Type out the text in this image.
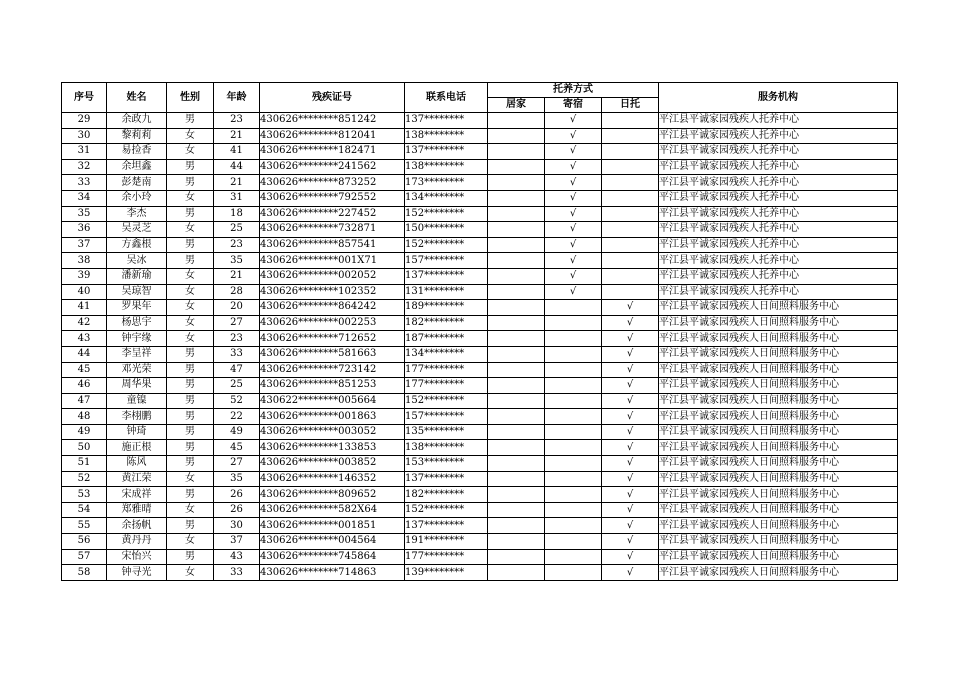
序号	姓名	性别	年龄	残疾证号	联系电话	托养方式			服务机构
						居家	寄宿	日托	
29	余政九	男	23	430626********851242	137********		√		平江县平诚家园残疾人托养中心
30	黎莉莉	女	21	430626********812041	138********		√		平江县平诚家园残疾人托养中心
31	易捡香	女	41	430626********182471	137********		√		平江县平诚家园残疾人托养中心
32	余坦鑫	男	44	430626********241562	138********		√		平江县平诚家园残疾人托养中心
33	彭楚南	男	21	430626********873252	173********		√		平江县平诚家园残疾人托养中心
34	余小玲	女	31	430626********792552	134********		√		平江县平诚家园残疾人托养中心
35	李杰	男	18	430626********227452	152********		√		平江县平诚家园残疾人托养中心
36	吴灵芝	女	25	430626********732871	150********		√		平江县平诚家园残疾人托养中心
37	方鑫根	男	23	430626********857541	152********		√		平江县平诚家园残疾人托养中心
38	吴冰	男	35	430626********001X71	157********		√		平江县平诚家园残疾人托养中心
39	潘新瑜	女	21	430626********002052	137********		√		平江县平诚家园残疾人托养中心
40	吴琼智	女	28	430626********102352	131********		√		平江县平诚家园残疾人托养中心
41	罗果年	女	20	430626********864242	189********			√	平江县平诚家园残疾人日间照料服务中心
42	杨思宇	女	27	430626********002253	182********			√	平江县平诚家园残疾人日间照料服务中心
43	钟宇缘	女	23	430626********712652	187********			√	平江县平诚家园残疾人日间照料服务中心
44	李呈祥	男	33	430626********581663	134********			√	平江县平诚家园残疾人日间照料服务中心
45	邓光荣	男	47	430626********723142	177********			√	平江县平诚家园残疾人日间照料服务中心
46	周华果	男	25	430626********851253	177********			√	平江县平诚家园残疾人日间照料服务中心
47	童镍	男	52	430622********005664	152********			√	平江县平诚家园残疾人日间照料服务中心
48	李栩鹏	男	22	430626********001863	157********			√	平江县平诚家园残疾人日间照料服务中心
49	钟琦	男	49	430626********003052	135********			√	平江县平诚家园残疾人日间照料服务中心
50	施正根	男	45	430626********133853	138********			√	平江县平诚家园残疾人日间照料服务中心
51	陈风	男	27	430626********003852	153********			√	平江县平诚家园残疾人日间照料服务中心
52	黄江荣	女	35	430626********146352	137********			√	平江县平诚家园残疾人日间照料服务中心
53	宋成祥	男	26	430626********809652	182********			√	平江县平诚家园残疾人日间照料服务中心
54	郑雅晴	女	26	430626********582X64	152********			√	平江县平诚家园残疾人日间照料服务中心
55	余扬帆	男	30	430626********001851	137********			√	平江县平诚家园残疾人日间照料服务中心
56	黄丹丹	女	37	430626********004564	191********			√	平江县平诚家园残疾人日间照料服务中心
57	宋怡兴	男	43	430626********745864	177********			√	平江县平诚家园残疾人日间照料服务中心
58	钟寻光	女	33	430626********714863	139********			√	平江县平诚家园残疾人日间照料服务中心
